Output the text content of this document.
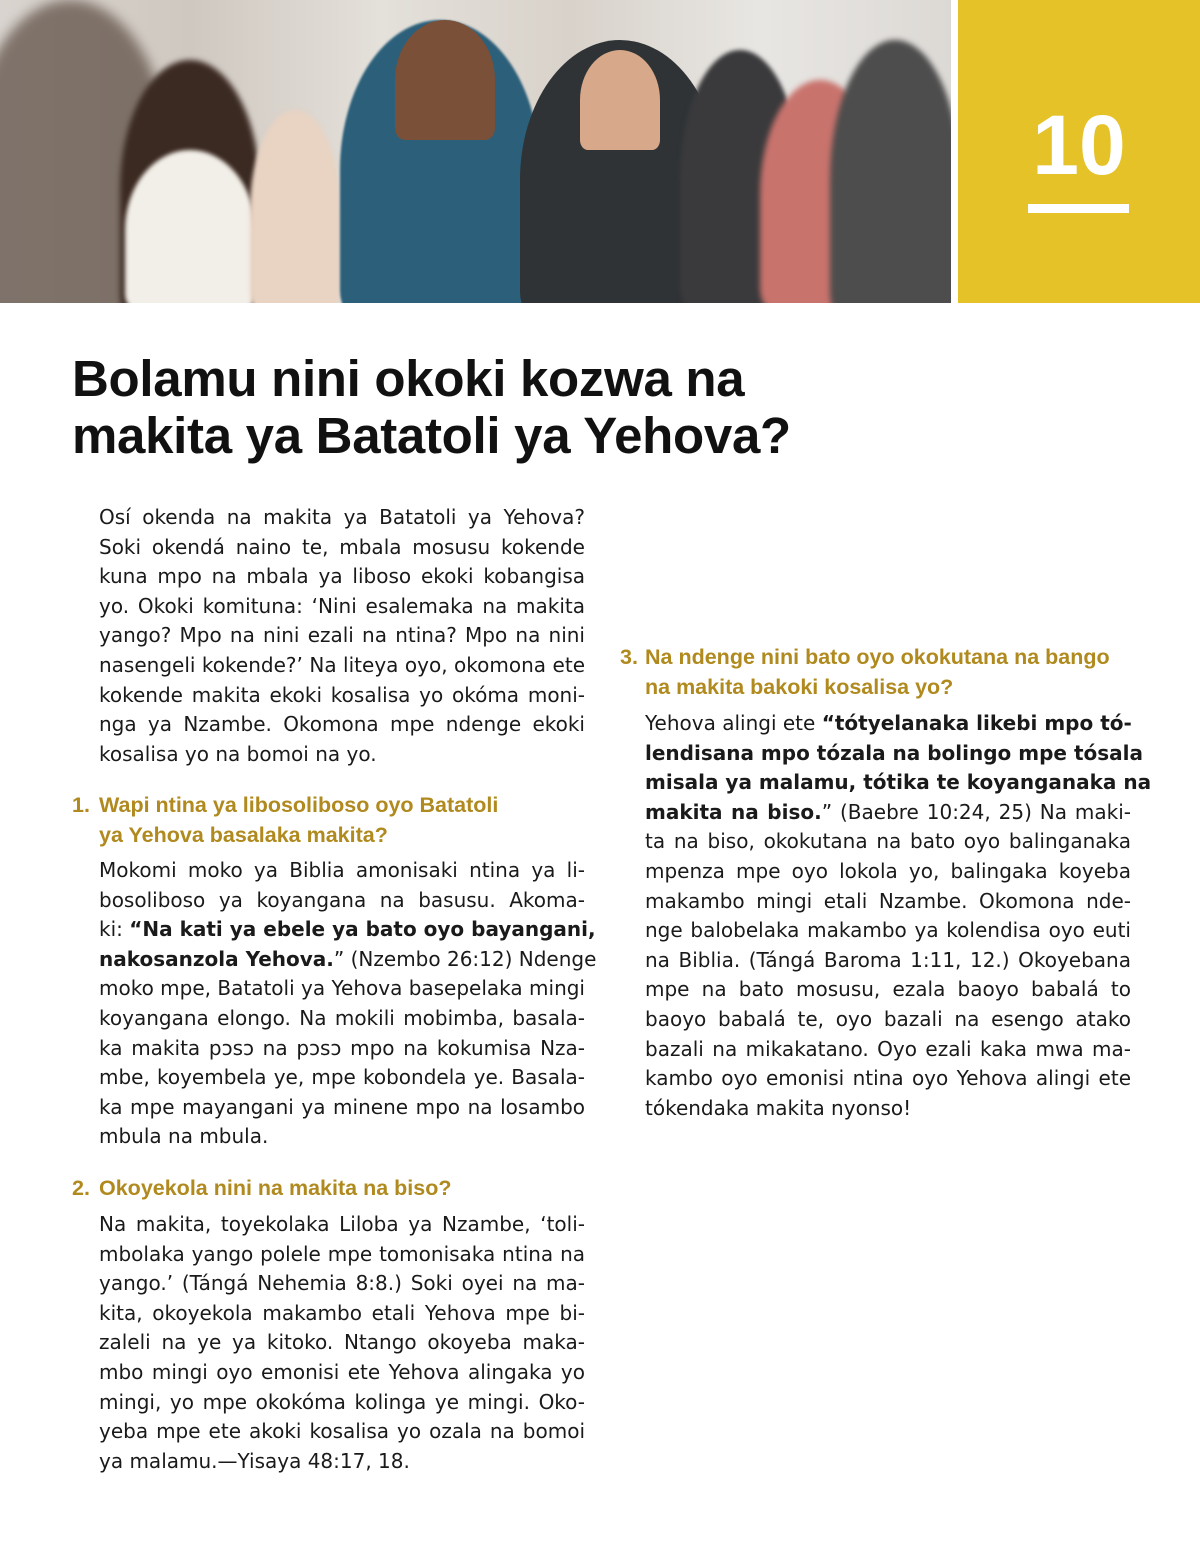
10
Bolamu nini okoki kozwa na
makita ya Batatoli ya Yehova?
Osí okenda na makita ya Batatoli ya Yehova?
Soki okendá naino te, mbala mosusu kokende
kuna mpo na mbala ya liboso ekoki kobangisa
yo. Okoki komituna: ‘Nini esalemaka na makita
yango? Mpo na nini ezali na ntina? Mpo na nini
nasengeli kokende?’ Na liteya oyo, okomona ete
kokende makita ekoki kosalisa yo okóma moni-
nga ya Nzambe. Okomona mpe ndenge ekoki
kosalisa yo na bomoi na yo.
1. Wapi ntina ya libosoliboso oyo Batatoli
ya Yehova basalaka makita?
Mokomi moko ya Biblia amonisaki ntina ya li-
bosoliboso ya koyangana na basusu. Akoma-
ki: “Na kati ya ebele ya bato oyo bayangani,
nakosanzola Yehova.” (Nzembo 26:12) Ndenge
moko mpe, Batatoli ya Yehova basepelaka mingi
koyangana elongo. Na mokili mobimba, basala-
ka makita pɔsɔ na pɔsɔ mpo na kokumisa Nza-
mbe, koyembela ye, mpe kobondela ye. Basala-
ka mpe mayangani ya minene mpo na losambo
mbula na mbula.
2. Okoyekola nini na makita na biso?
Na makita, toyekolaka Liloba ya Nzambe, ‘toli-
mbolaka yango polele mpe tomonisaka ntina na
yango.’ (Tángá Nehemia 8:8.) Soki oyei na ma-
kita, okoyekola makambo etali Yehova mpe bi-
zaleli na ye ya kitoko. Ntango okoyeba maka-
mbo mingi oyo emonisi ete Yehova alingaka yo
mingi, yo mpe okokóma kolinga ye mingi. Oko-
yeba mpe ete akoki kosalisa yo ozala na bomoi
ya malamu.—Yisaya 48:17, 18.
3. Na ndenge nini bato oyo okokutana na bango
na makita bakoki kosalisa yo?
Yehova alingi ete “tótyelanaka likebi mpo tó-
lendisana mpo tózala na bolingo mpe tósala
misala ya malamu, tótika te koyanganaka na
makita na biso.” (Baebre 10:24, 25) Na maki-
ta na biso, okokutana na bato oyo balinganaka
mpenza mpe oyo lokola yo, balingaka koyeba
makambo mingi etali Nzambe. Okomona nde-
nge balobelaka makambo ya kolendisa oyo euti
na Biblia. (Tángá Baroma 1:11, 12.) Okoyebana
mpe na bato mosusu, ezala baoyo babalá to
baoyo babalá te, oyo bazali na esengo atako
bazali na mikakatano. Oyo ezali kaka mwa ma-
kambo oyo emonisi ntina oyo Yehova alingi ete
tókendaka makita nyonso!
